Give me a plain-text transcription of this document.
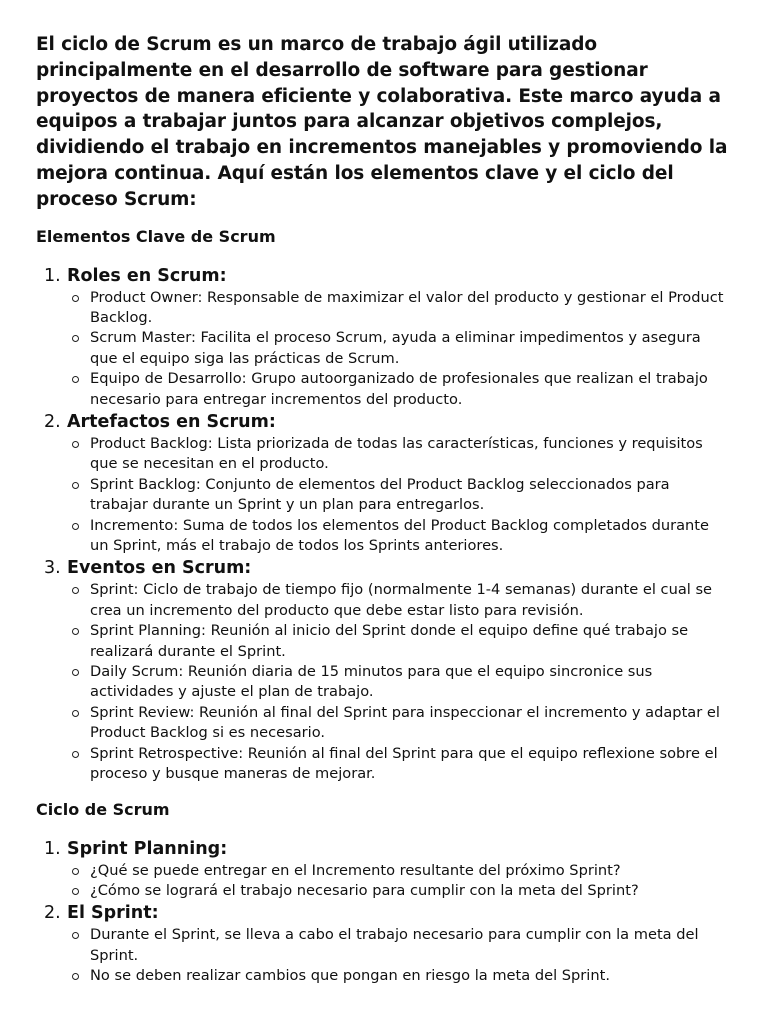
El ciclo de Scrum es un marco de trabajo ágil utilizado principalmente en el desarrollo de software para gestionar proyectos de manera eficiente y colaborativa. Este marco ayuda a equipos a trabajar juntos para alcanzar objetivos complejos, dividiendo el trabajo en incrementos manejables y promoviendo la mejora continua. Aquí están los elementos clave y el ciclo del proceso Scrum:

Elementos Clave de Scrum
1. Roles en Scrum:
Product Owner: Responsable de maximizar el valor del producto y gestionar el Product Backlog.
Scrum Master: Facilita el proceso Scrum, ayuda a eliminar impedimentos y asegura que el equipo siga las prácticas de Scrum.
Equipo de Desarrollo: Grupo autoorganizado de profesionales que realizan el trabajo necesario para entregar incrementos del producto.
2. Artefactos en Scrum:
Product Backlog: Lista priorizada de todas las características, funciones y requisitos que se necesitan en el producto.
Sprint Backlog: Conjunto de elementos del Product Backlog seleccionados para trabajar durante un Sprint y un plan para entregarlos.
Incremento: Suma de todos los elementos del Product Backlog completados durante un Sprint, más el trabajo de todos los Sprints anteriores.
3. Eventos en Scrum:
Sprint: Ciclo de trabajo de tiempo fijo (normalmente 1-4 semanas) durante el cual se crea un incremento del producto que debe estar listo para revisión.
Sprint Planning: Reunión al inicio del Sprint donde el equipo define qué trabajo se realizará durante el Sprint.
Daily Scrum: Reunión diaria de 15 minutos para que el equipo sincronice sus actividades y ajuste el plan de trabajo.
Sprint Review: Reunión al final del Sprint para inspeccionar el incremento y adaptar el Product Backlog si es necesario.
Sprint Retrospective: Reunión al final del Sprint para que el equipo reflexione sobre el proceso y busque maneras de mejorar.
Ciclo de Scrum
1. Sprint Planning:
¿Qué se puede entregar en el Incremento resultante del próximo Sprint?
¿Cómo se logrará el trabajo necesario para cumplir con la meta del Sprint?
2. El Sprint:
Durante el Sprint, se lleva a cabo el trabajo necesario para cumplir con la meta del Sprint.
No se deben realizar cambios que pongan en riesgo la meta del Sprint.
